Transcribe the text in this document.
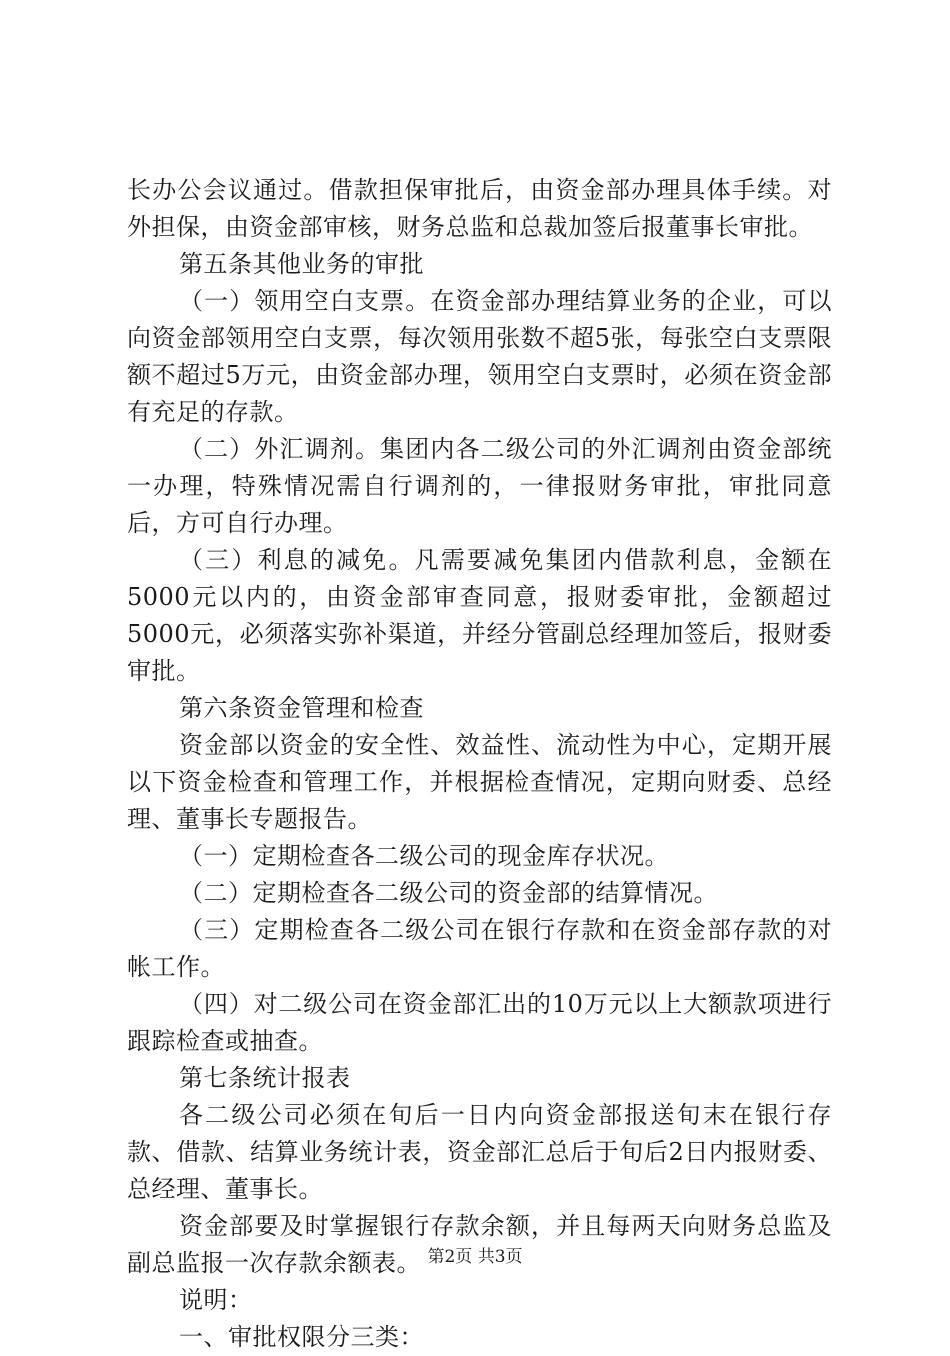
长办公会议通过。借款担保审批后，由资金部办理具体手续。对外担保，由资金部审核，财务总监和总裁加签后报董事长审批。

第五条其他业务的审批

（一）领用空白支票。在资金部办理结算业务的企业，可以向资金部领用空白支票，每次领用张数不超5张，每张空白支票限额不超过5万元，由资金部办理，领用空白支票时，必须在资金部有充足的存款。

（二）外汇调剂。集团内各二级公司的外汇调剂由资金部统一办理，特殊情况需自行调剂的，一律报财务审批，审批同意后，方可自行办理。

（三）利息的减免。凡需要减免集团内借款利息，金额在5000元以内的，由资金部审查同意，报财委审批，金额超过5000元，必须落实弥补渠道，并经分管副总经理加签后，报财委审批。

第六条资金管理和检查

资金部以资金的安全性、效益性、流动性为中心，定期开展以下资金检查和管理工作，并根据检查情况，定期向财委、总经理、董事长专题报告。

（一）定期检查各二级公司的现金库存状况。

（二）定期检查各二级公司的资金部的结算情况。

（三）定期检查各二级公司在银行存款和在资金部存款的对帐工作。

（四）对二级公司在资金部汇出的10万元以上大额款项进行跟踪检查或抽查。

第七条统计报表

各二级公司必须在旬后一日内向资金部报送旬末在银行存款、借款、结算业务统计表，资金部汇总后于旬后2日内报财委、总经理、董事长。

资金部要及时掌握银行存款余额，并且每两天向财务总监及副总监报一次存款余额表。

说明：

一、审批权限分三类：

第2页 共3页
